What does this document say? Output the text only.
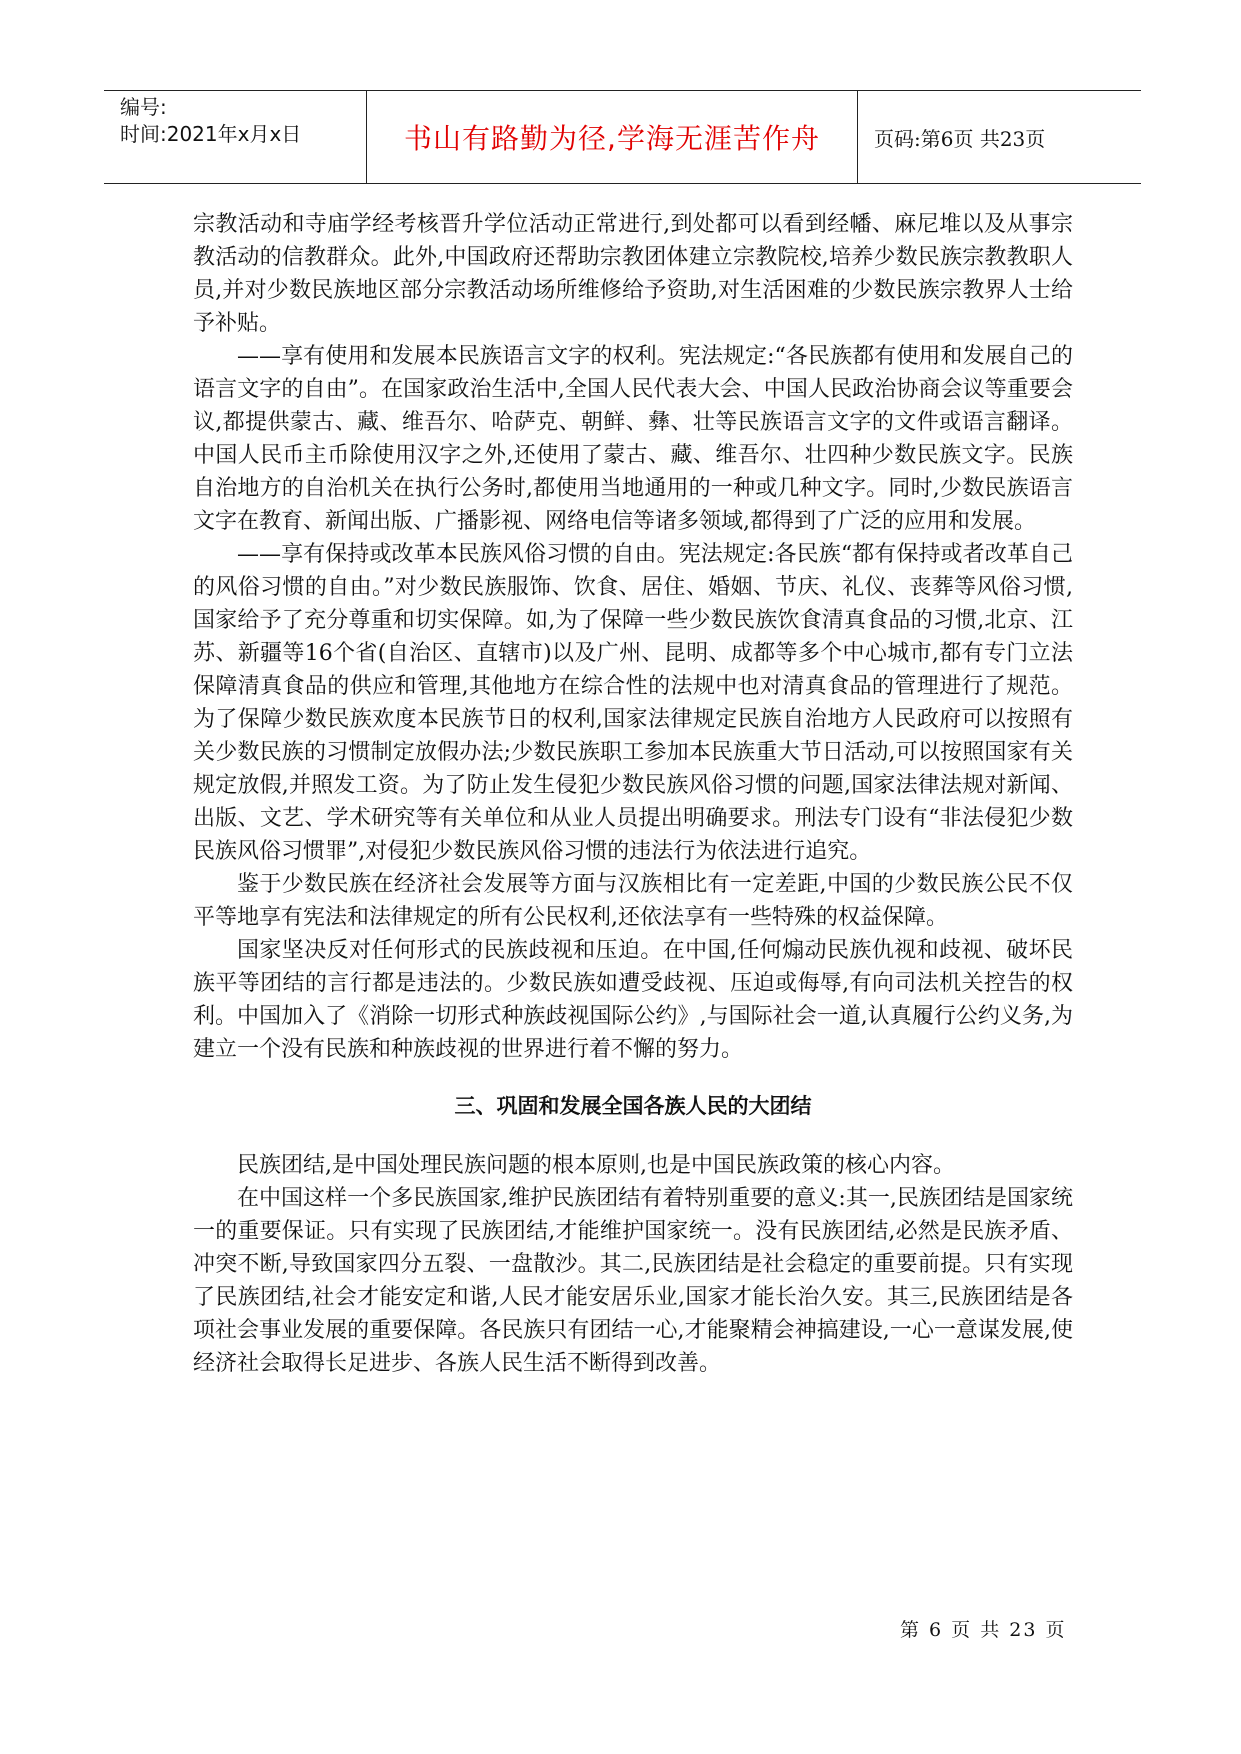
编号:
时间:2021年x月x日	书山有路勤为径,学海无涯苦作舟	页码:第6页 共23页

宗教活动和寺庙学经考核晋升学位活动正常进行,到处都可以看到经幡、麻尼堆以及从事宗教活动的信教群众。此外,中国政府还帮助宗教团体建立宗教院校,培养少数民族宗教教职人员,并对少数民族地区部分宗教活动场所维修给予资助,对生活困难的少数民族宗教界人士给予补贴。

——享有使用和发展本民族语言文字的权利。宪法规定:“各民族都有使用和发展自己的语言文字的自由”。在国家政治生活中,全国人民代表大会、中国人民政治协商会议等重要会议,都提供蒙古、藏、维吾尔、哈萨克、朝鲜、彝、壮等民族语言文字的文件或语言翻译。中国人民币主币除使用汉字之外,还使用了蒙古、藏、维吾尔、壮四种少数民族文字。民族自治地方的自治机关在执行公务时,都使用当地通用的一种或几种文字。同时,少数民族语言文字在教育、新闻出版、广播影视、网络电信等诸多领域,都得到了广泛的应用和发展。

——享有保持或改革本民族风俗习惯的自由。宪法规定:各民族“都有保持或者改革自己的风俗习惯的自由。”对少数民族服饰、饮食、居住、婚姻、节庆、礼仪、丧葬等风俗习惯,国家给予了充分尊重和切实保障。如,为了保障一些少数民族饮食清真食品的习惯,北京、江苏、新疆等16个省(自治区、直辖市)以及广州、昆明、成都等多个中心城市,都有专门立法保障清真食品的供应和管理,其他地方在综合性的法规中也对清真食品的管理进行了规范。为了保障少数民族欢度本民族节日的权利,国家法律规定民族自治地方人民政府可以按照有关少数民族的习惯制定放假办法;少数民族职工参加本民族重大节日活动,可以按照国家有关规定放假,并照发工资。为了防止发生侵犯少数民族风俗习惯的问题,国家法律法规对新闻、出版、文艺、学术研究等有关单位和从业人员提出明确要求。刑法专门设有“非法侵犯少数民族风俗习惯罪”,对侵犯少数民族风俗习惯的违法行为依法进行追究。

鉴于少数民族在经济社会发展等方面与汉族相比有一定差距,中国的少数民族公民不仅平等地享有宪法和法律规定的所有公民权利,还依法享有一些特殊的权益保障。

国家坚决反对任何形式的民族歧视和压迫。在中国,任何煽动民族仇视和歧视、破坏民族平等团结的言行都是违法的。少数民族如遭受歧视、压迫或侮辱,有向司法机关控告的权利。中国加入了《消除一切形式种族歧视国际公约》,与国际社会一道,认真履行公约义务,为建立一个没有民族和种族歧视的世界进行着不懈的努力。

三、巩固和发展全国各族人民的大团结

民族团结,是中国处理民族问题的根本原则,也是中国民族政策的核心内容。

在中国这样一个多民族国家,维护民族团结有着特别重要的意义:其一,民族团结是国家统一的重要保证。只有实现了民族团结,才能维护国家统一。没有民族团结,必然是民族矛盾、冲突不断,导致国家四分五裂、一盘散沙。其二,民族团结是社会稳定的重要前提。只有实现了民族团结,社会才能安定和谐,人民才能安居乐业,国家才能长治久安。其三,民族团结是各项社会事业发展的重要保障。各民族只有团结一心,才能聚精会神搞建设,一心一意谋发展,使经济社会取得长足进步、各族人民生活不断得到改善。

第 6 页 共 23 页
